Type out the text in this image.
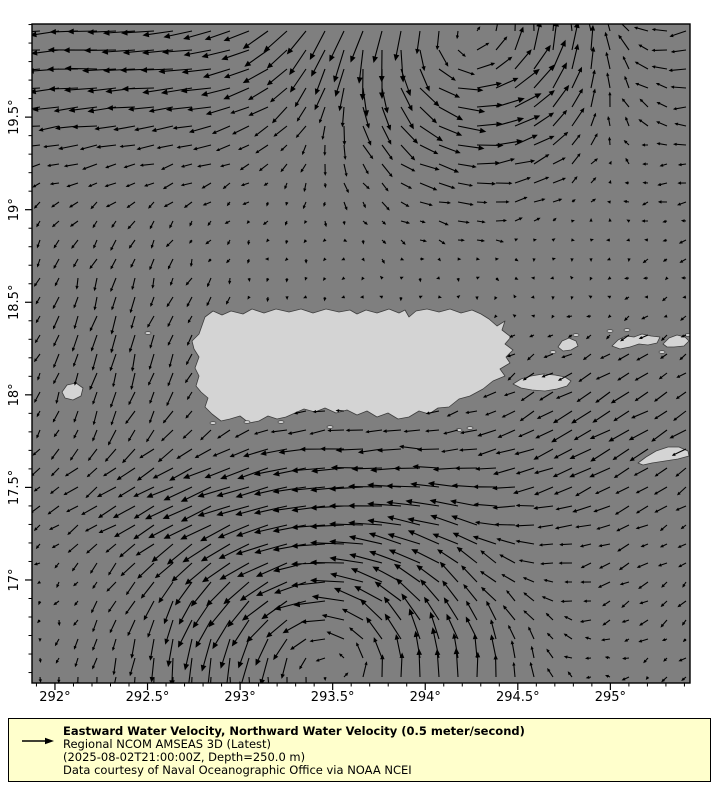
292°	292.5°	293°	293.5°	294°	294.5°	295°
19.5°
19°
18.5°
18°
17.5°
17°
Eastward Water Velocity, Northward Water Velocity (0.5 meter/second)
Regional NCOM AMSEAS 3D (Latest)
(2025-08-02T21:00:00Z, Depth=250.0 m)
Data courtesy of Naval Oceanographic Office via NOAA NCEI
